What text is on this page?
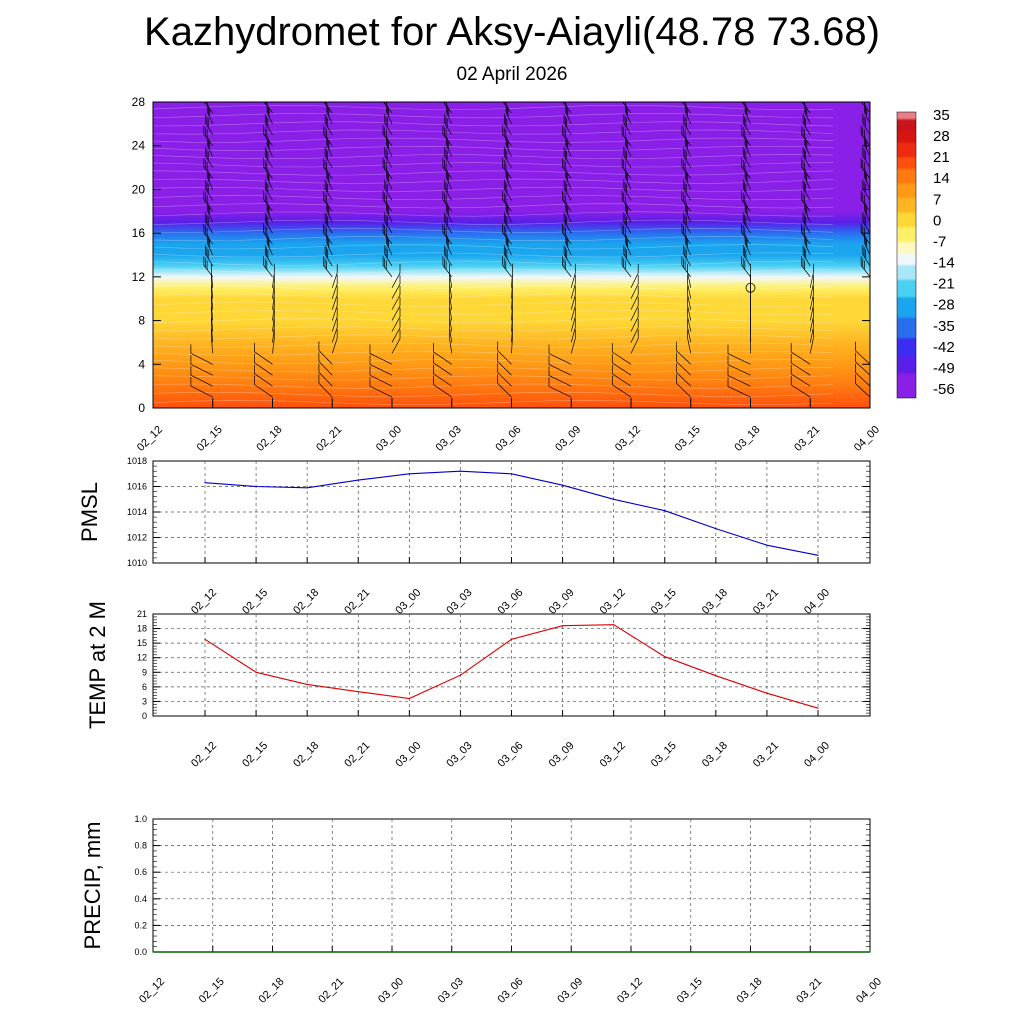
Kazhydromet for Aksy-Aiayli(48.78 73.68)
02 April 2026
0
4
8
12
16
20
24
28
02_12	02_15	02_18	02_21	03_00	03_03	03_06	03_09	03_12	03_15	03_18	03_21	04_00
35
28
21
14
7
0
-7
-14
-21
-28
-35
-42
-49
-56
1010
1012
1014
1016
1018
02_12 02_15 02_18 02_21 03_00 03_03 03_06 03_09 03_12 03_15 03_18 03_21 04_00
PMSL
0
3
6
9
12
15
18
21
02_12 02_15 02_18 02_21 03_00 03_03 03_06 03_09 03_12 03_15 03_18 03_21 04_00
TEMP at 2 M
0.0
0.2
0.4
0.6
0.8
1.0
02_12	02_15	02_18	02_21	03_00	03_03	03_06	03_09	03_12	03_15	03_18	03_21	04_00
PRECIP, mm
